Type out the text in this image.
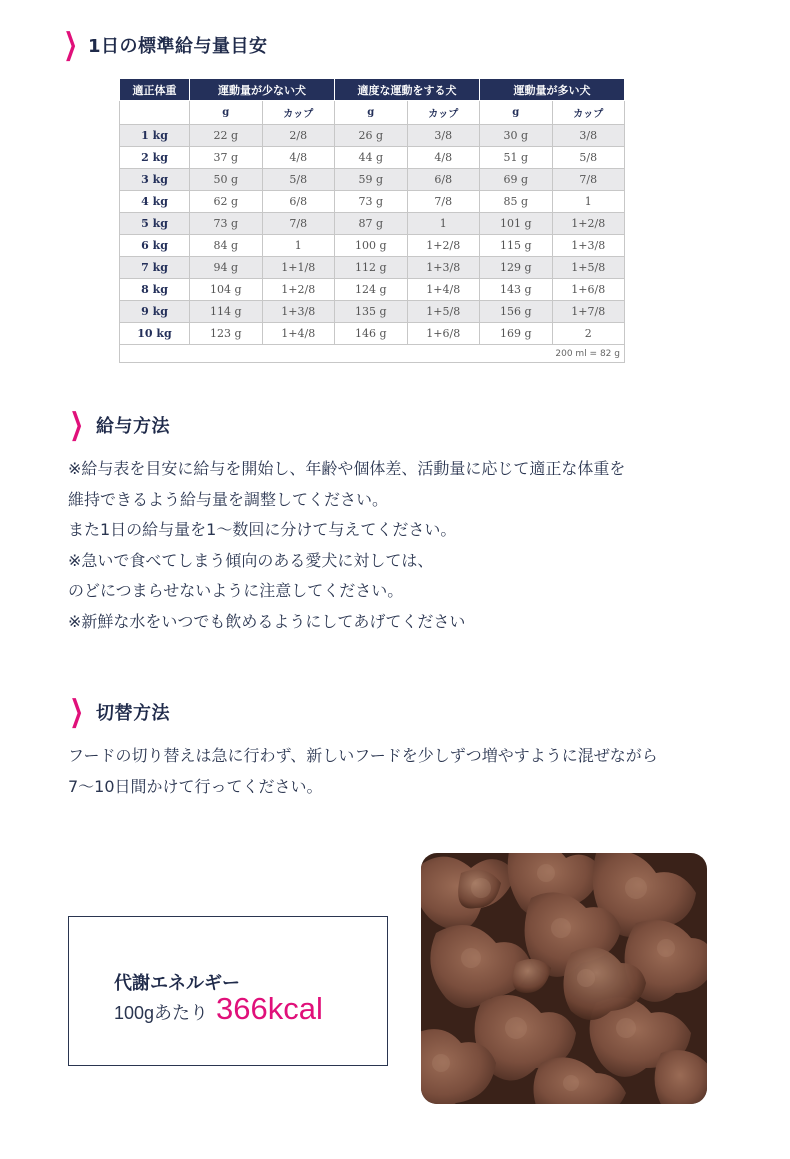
❯ 1日の標準給与量目安
適正体重	運動量が少ない犬		適度な運動をする犬		運動量が多い犬	
	g	カップ	g	カップ	g	カップ
1 kg	22 g	2/8	26 g	3/8	30 g	3/8
2 kg	37 g	4/8	44 g	4/8	51 g	5/8
3 kg	50 g	5/8	59 g	6/8	69 g	7/8
4 kg	62 g	6/8	73 g	7/8	85 g	1
5 kg	73 g	7/8	87 g	1	101 g	1+2/8
6 kg	84 g	1	100 g	1+2/8	115 g	1+3/8
7 kg	94 g	1+1/8	112 g	1+3/8	129 g	1+5/8
8 kg	104 g	1+2/8	124 g	1+4/8	143 g	1+6/8
9 kg	114 g	1+3/8	135 g	1+5/8	156 g	1+7/8
10 kg	123 g	1+4/8	146 g	1+6/8	169 g	2
200 ml = 82 g						
❯ 給与方法
※給与表を目安に給与を開始し、年齢や個体差、活動量に応じて適正な体重を
維持できるよう給与量を調整してください。
また1日の給与量を1～数回に分けて与えてください。
※急いで食べてしまう傾向のある愛犬に対しては、
のどにつまらせないように注意してください。
※新鮮な水をいつでも飲めるようにしてあげてください
❯ 切替方法
フードの切り替えは急に行わず、新しいフードを少しずつ増やすように混ぜながら
7～10日間かけて行ってください。
代謝エネルギー
100gあたり 366kcal
